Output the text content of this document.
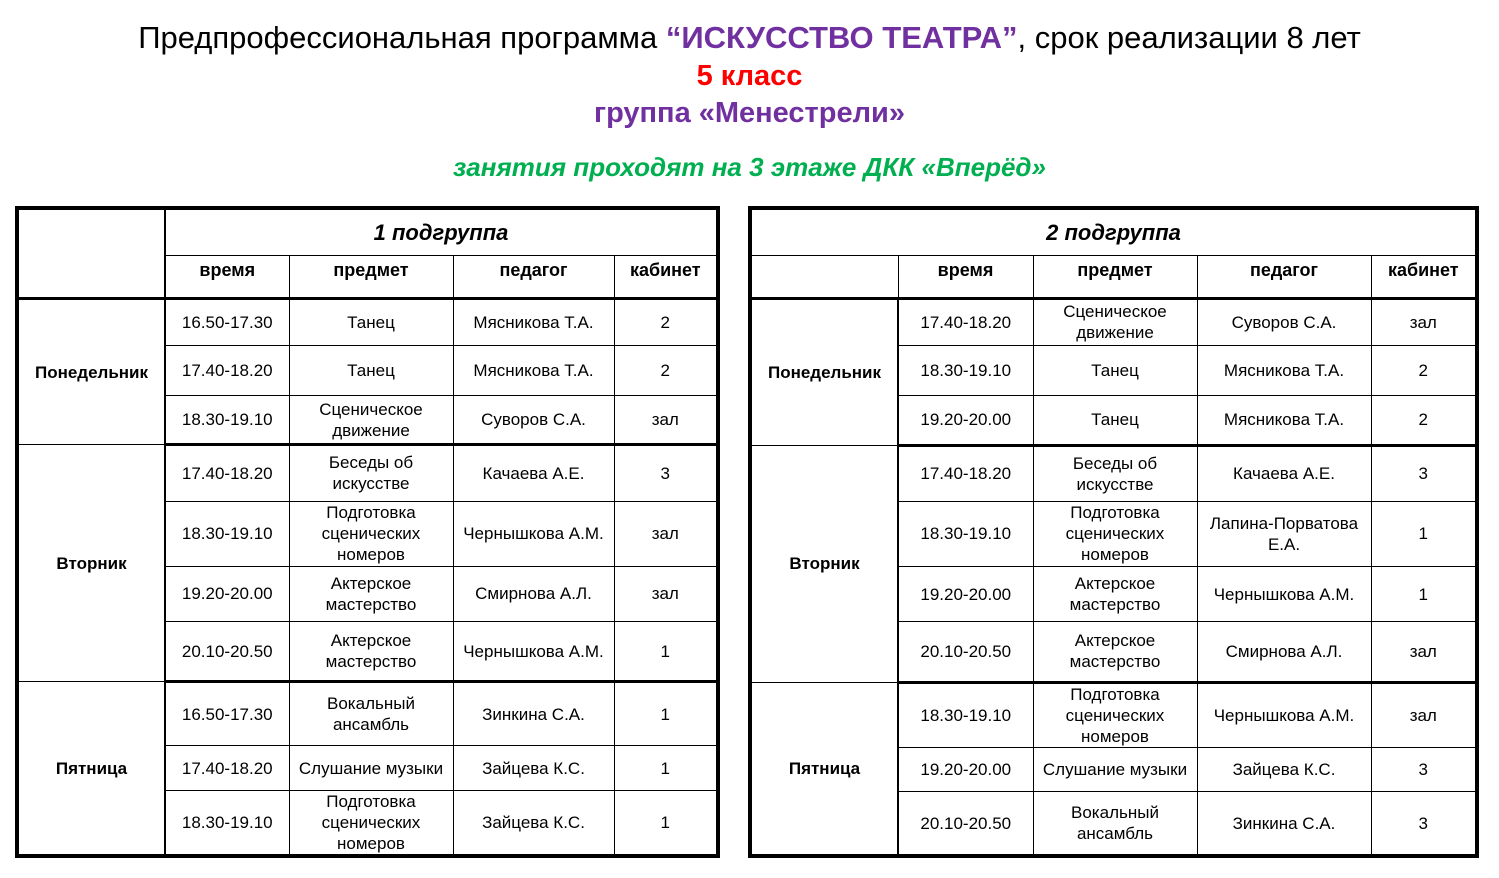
Предпрофессиональная программа “ИСКУССТВО ТЕАТРА”, срок реализации 8 лет
5 класс
группа «Менестрели»
занятия проходят на 3 этаже ДКК «Вперёд»
	1 подгруппа			
	время	предмет	педагог	кабинет
Понедельник	16.50-17.30	Танец	Мясникова Т.А.	2
	17.40-18.20	Танец	Мясникова Т.А.	2
	18.30-19.10	Сценическое движение	Суворов С.А.	зал
Вторник	17.40-18.20	Беседы об искусстве	Качаева А.Е.	3
	18.30-19.10	Подготовка сценических номеров	Чернышкова А.М.	зал
	19.20-20.00	Актерское мастерство	Смирнова А.Л.	зал
	20.10-20.50	Актерское мастерство	Чернышкова А.М.	1
Пятница	16.50-17.30	Вокальный ансамбль	Зинкина С.А.	1
	17.40-18.20	Слушание музыки	Зайцева К.С.	1
	18.30-19.10	Подготовка сценических номеров	Зайцева К.С.	1
2 подгруппа				
	время	предмет	педагог	кабинет
Понедельник	17.40-18.20	Сценическое движение	Суворов С.А.	зал
	18.30-19.10	Танец	Мясникова Т.А.	2
	19.20-20.00	Танец	Мясникова Т.А.	2
Вторник	17.40-18.20	Беседы об искусстве	Качаева А.Е.	3
	18.30-19.10	Подготовка сценических номеров	Лапина-Порватова Е.А.	1
	19.20-20.00	Актерское мастерство	Чернышкова А.М.	1
	20.10-20.50	Актерское мастерство	Смирнова А.Л.	зал
Пятница	18.30-19.10	Подготовка сценических номеров	Чернышкова А.М.	зал
	19.20-20.00	Слушание музыки	Зайцева К.С.	3
	20.10-20.50	Вокальный ансамбль	Зинкина С.А.	3
